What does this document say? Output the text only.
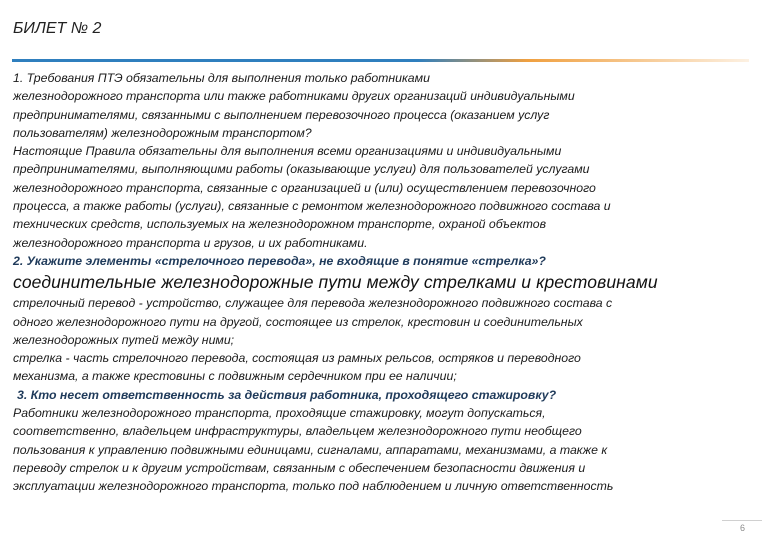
БИЛЕТ № 2
1. Требования ПТЭ обязательны для выполнения только работниками
железнодорожного транспорта или также работниками других организаций индивидуальными
предпринимателями, связанными с выполнением перевозочного процесса (оказанием услуг
пользователям) железнодорожным транспортом?
Настоящие Правила обязательны для выполнения всеми организациями и индивидуальными
предпринимателями, выполняющими работы (оказывающие услуги) для пользователей услугами
железнодорожного транспорта, связанные с организацией и (или) осуществлением перевозочного
процесса, а также работы (услуги), связанные с ремонтом железнодорожного подвижного состава и
технических средств, используемых на железнодорожном транспорте, охраной объектов
железнодорожного транспорта и грузов, и их работниками.
2. Укажите элементы «стрелочного перевода», не входящие в понятие «стрелка»?
соединительные железнодорожные пути между стрелками и крестовинами
стрелочный перевод - устройство, служащее для перевода железнодорожного подвижного состава с
одного железнодорожного пути на другой, состоящее из стрелок, крестовин и соединительных
железнодорожных путей между ними;
стрелка - часть стрелочного перевода, состоящая из рамных рельсов, остряков и переводного
механизма, а также крестовины с подвижным сердечником при ее наличии;
3. Кто несет ответственность за действия работника, проходящего стажировку?
Работники железнодорожного транспорта, проходящие стажировку, могут допускаться,
соответственно, владельцем инфраструктуры, владельцем железнодорожного пути необщего
пользования к управлению подвижными единицами, сигналами, аппаратами, механизмами, а также к
переводу стрелок и к другим устройствам, связанным с обеспечением безопасности движения и
эксплуатации железнодорожного транспорта, только под наблюдением и личную ответственность
6
